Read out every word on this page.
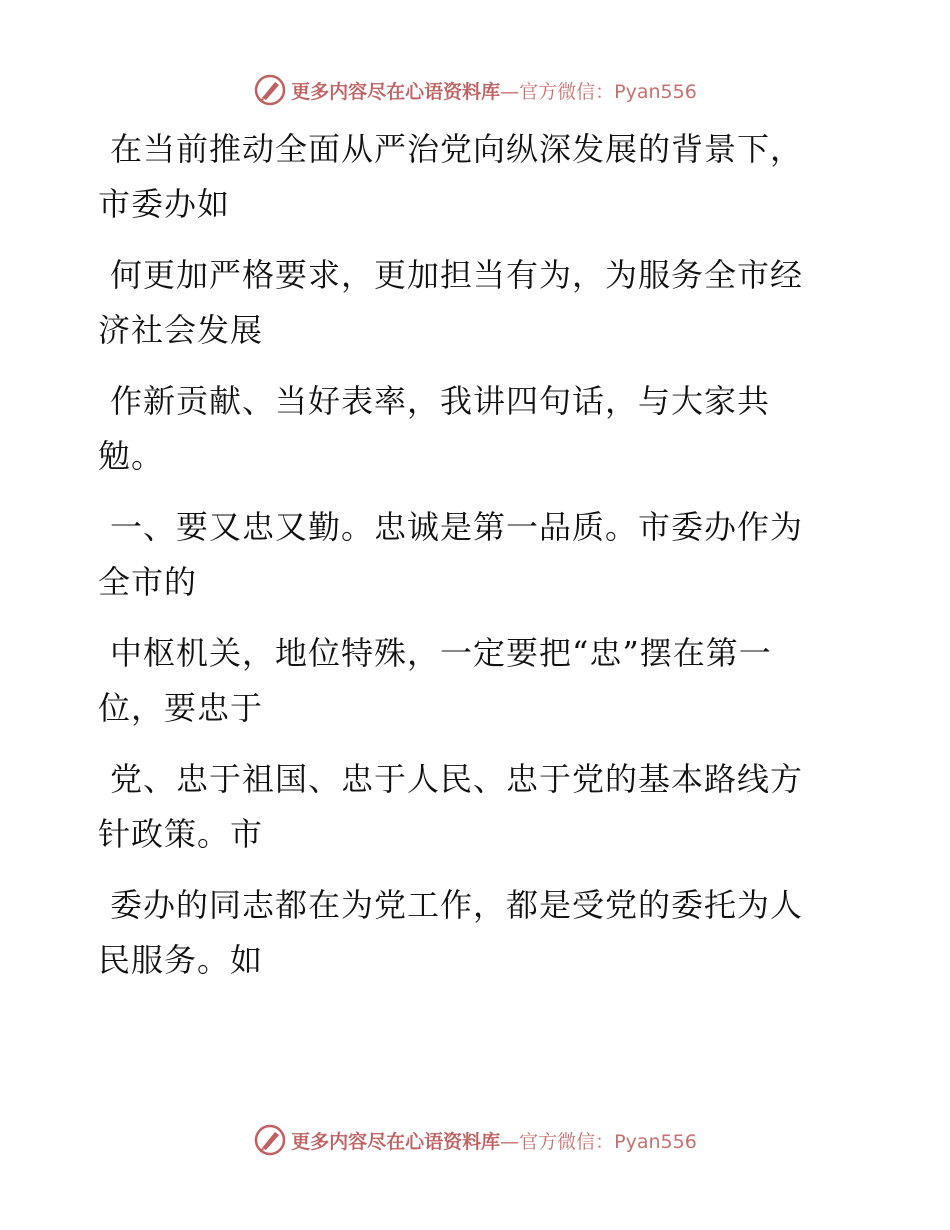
更多内容尽在心语资料库—官方微信：Pyan556

在当前推动全面从严治党向纵深发展的背景下，
市委办如

何更加严格要求，更加担当有为，为服务全市经
济社会发展

作新贡献、当好表率，我讲四句话，与大家共
勉。

一、要又忠又勤。忠诚是第一品质。市委办作为
全市的

中枢机关，地位特殊，一定要把“忠”摆在第一
位，要忠于

党、忠于祖国、忠于人民、忠于党的基本路线方
针政策。市

委办的同志都在为党工作，都是受党的委托为人
民服务。如

更多内容尽在心语资料库—官方微信：Pyan556
